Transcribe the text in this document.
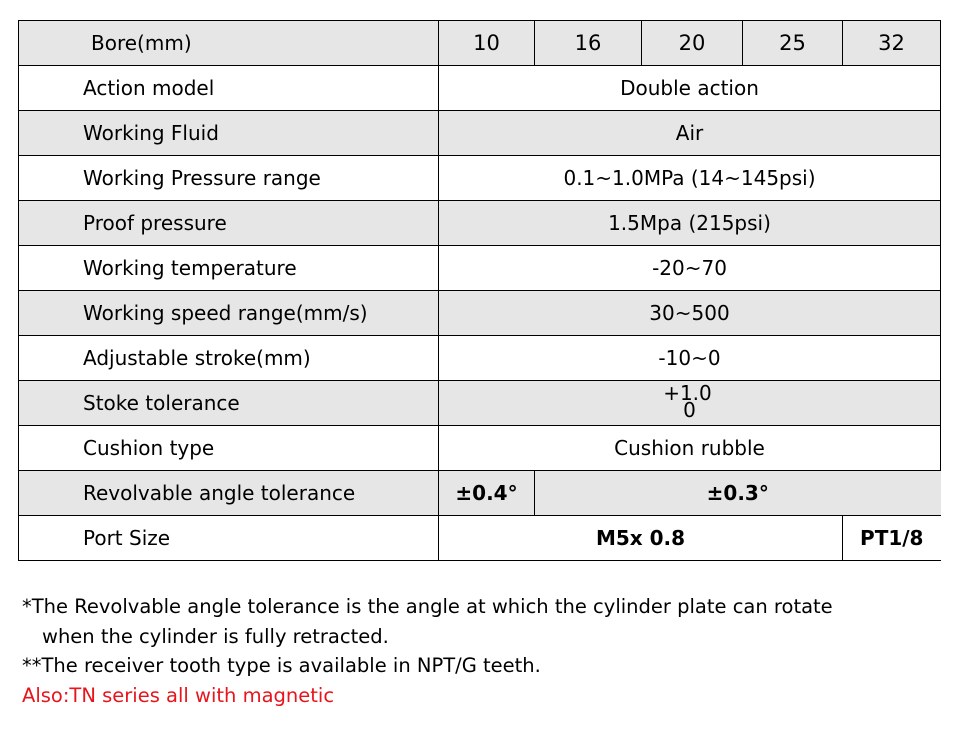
Bore(mm)	10	16	20	25	32
Action model	Double action				
Working Fluid	Air				
Working Pressure range	0.1~1.0MPa (14~145psi)				
Proof pressure	1.5Mpa (215psi)				
Working temperature	-20~70				
Working speed range(mm/s)	30~500				
Adjustable stroke(mm)	-10~0				
Stoke tolerance	+1.0
0				

Cushion type	Cushion rubble				
Revolvable angle tolerance	±0.4°	±0.3°			
Port Size	M5x 0.8				PT1/8
*The Revolvable angle tolerance is the angle at which the cylinder plate can rotate
when the cylinder is fully retracted.
**The receiver tooth type is available in NPT/G teeth.
Also:TN series all with magnetic
